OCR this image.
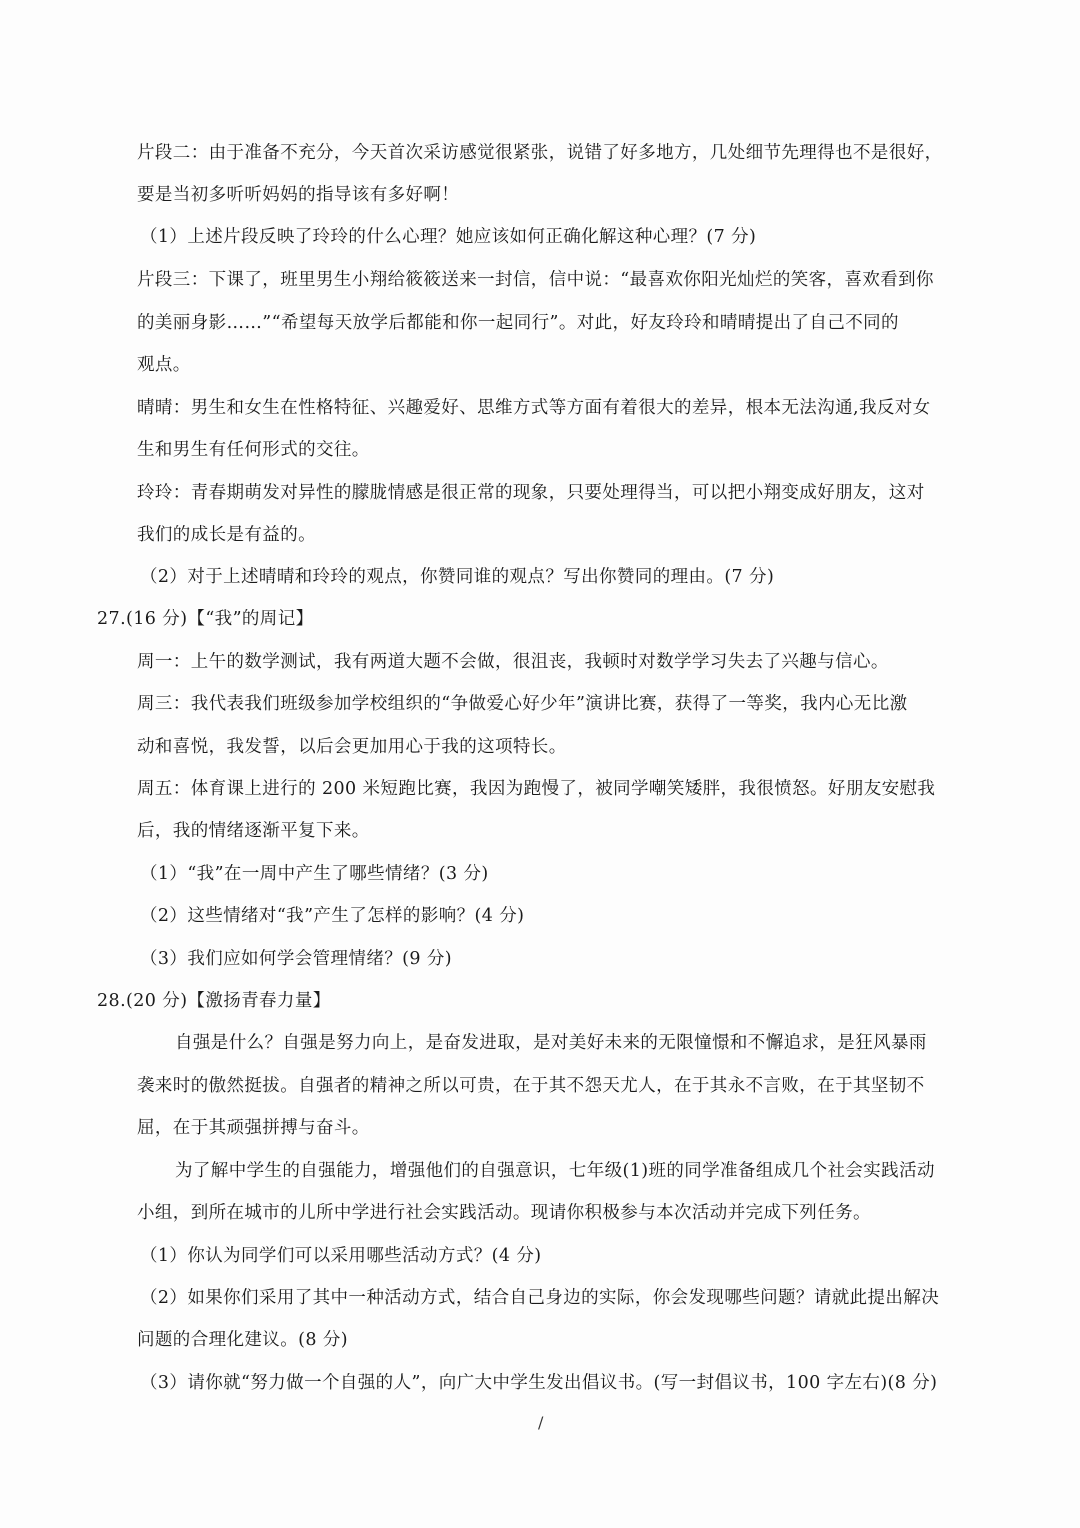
片段二：由于准备不充分，今天首次采访感觉很紧张，说错了好多地方，几处细节先理得也不是很好，
要是当初多听听妈妈的指导该有多好啊！
（1）上述片段反映了玲玲的什么心理？她应该如何正确化解这种心理？(7 分)
片段三：下课了，班里男生小翔给筱筱送来一封信，信中说：“最喜欢你阳光灿烂的笑客，喜欢看到你
的美丽身影……”“希望每天放学后都能和你一起同行”。对此，好友玲玲和晴晴提出了自己不同的
观点。
晴晴：男生和女生在性格特征、兴趣爱好、思维方式等方面有着很大的差异，根本无法沟通,我反对女
生和男生有任何形式的交往。
玲玲：青春期萌发对异性的朦胧情感是很正常的现象，只要处理得当，可以把小翔变成好朋友，这对
我们的成长是有益的。
（2）对于上述晴晴和玲玲的观点，你赞同谁的观点？写出你赞同的理由。(7 分)
27.(16 分)【“我”的周记】
周一：上午的数学测试，我有两道大题不会做，很沮丧，我顿时对数学学习失去了兴趣与信心。
周三：我代表我们班级参加学校组织的“争做爱心好少年”演讲比赛，获得了一等奖，我内心无比激
动和喜悦，我发誓，以后会更加用心于我的这项特长。
周五：体育课上进行的 200 米短跑比赛，我因为跑慢了，被同学嘲笑矮胖，我很愤怒。好朋友安慰我
后，我的情绪逐渐平复下来。
（1）“我”在一周中产生了哪些情绪？(3 分)
（2）这些情绪对“我”产生了怎样的影响？(4 分)
（3）我们应如何学会管理情绪？(9 分)
28.(20 分)【激扬青春力量】
自强是什么？自强是努力向上，是奋发进取，是对美好未来的无限憧憬和不懈追求，是狂风暴雨
袭来时的傲然挺拔。自强者的精神之所以可贵，在于其不怨天尤人，在于其永不言败，在于其坚韧不
屈，在于其顽强拼搏与奋斗。
为了解中学生的自强能力，增强他们的自强意识，七年级(1)班的同学准备组成几个社会实践活动
小组，到所在城市的儿所中学进行社会实践活动。现请你积极参与本次活动并完成下列任务。
（1）你认为同学们可以采用哪些活动方式？(4 分)
（2）如果你们采用了其中一种活动方式，结合自己身边的实际，你会发现哪些问题？请就此提出解决
问题的合理化建议。(8 分)
（3）请你就“努力做一个自强的人”，向广大中学生发出倡议书。(写一封倡议书，100 字左右)(8 分)
/
